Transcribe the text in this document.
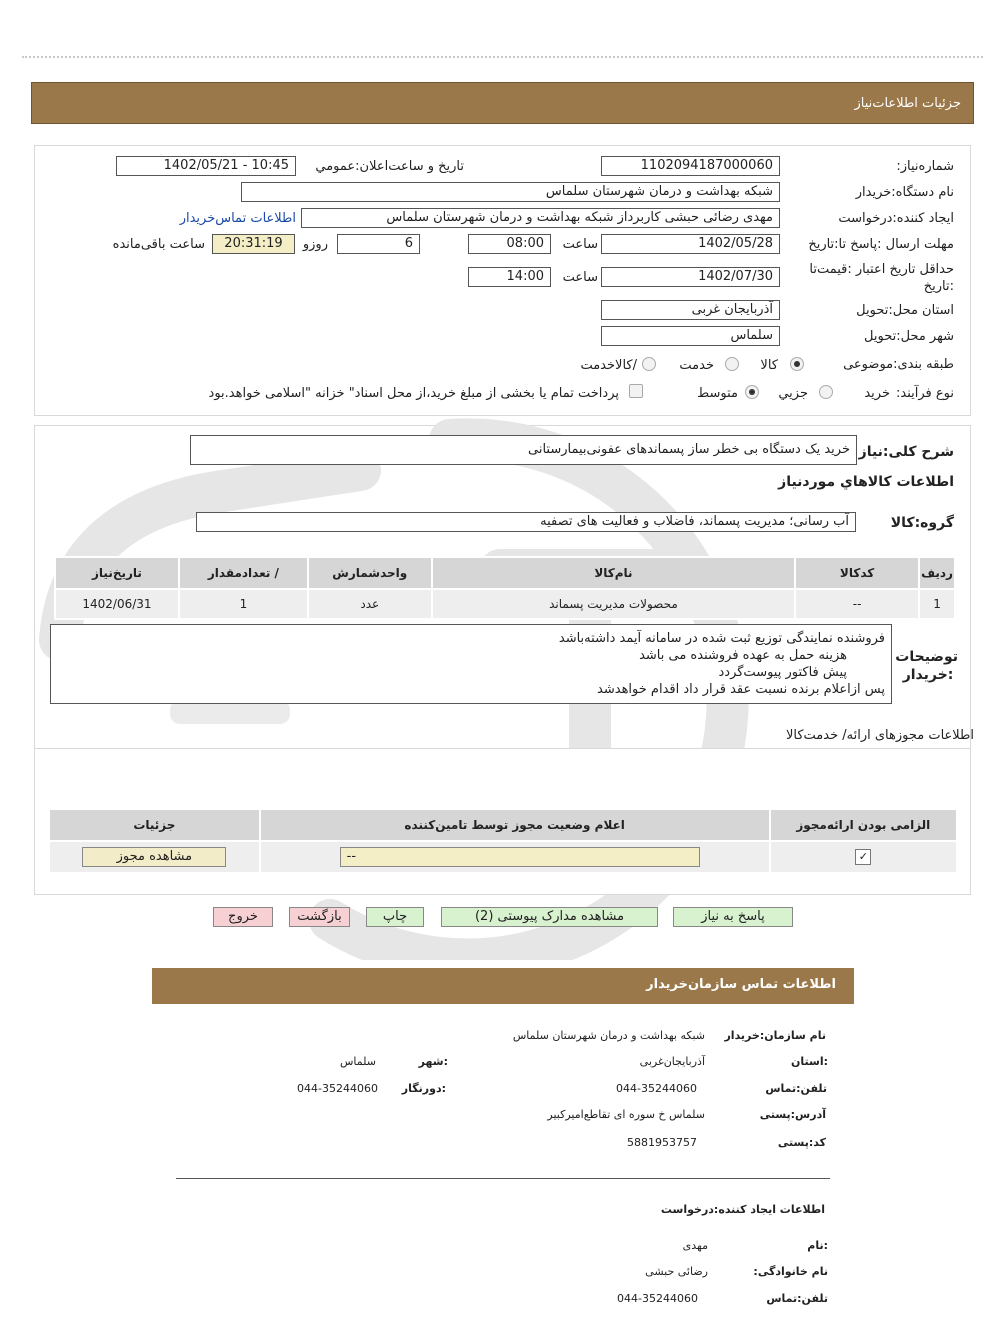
جزئیات اطلاعات‌نیاز
شماره‌نیاز:
1102094187000060
تاریخ و ساعت‌اعلان‌:عمومي
1402/05/21 - 10:45
نام دستگاه‌:خریدار
شبکه بهداشت و درمان شهرستان سلماس
ایجاد کننده‌:درخواست
مهدی رضائی حبشی کاربرداز شبکه بهداشت و درمان شهرستان سلماس
اطلاعات تماس‌خریدار
مهلت ارسال :پاسخ تا‌:تاریخ
1402/05/28
ساعت
08:00
6
روزو
20:31:19
ساعت باقی‌مانده
حداقل تاریخ اعتبار :قیمت‌تا
:تاریخ
1402/07/30
ساعت
14:00
استان محل‌:تحویل
آذربایجان غربی
شهر محل‌:تحویل
سلماس
طبقه بندی‌:موضوعی
کالا
خدمت
/کالاخدمت
نوع فرآیند:
خرید
جزیي
متوسط
پرداخت تمام یا بخشی از مبلغ خرید،از محل اسناد" خزانه "اسلامی خواهد.بود
شرح کلی‌:نیاز
خرید یک دستگاه بی خطر ساز پسماندهای عفونی‌بیمارستانی
اطلاعات کالاهاي مورد‌نیاز
گروه‌:کالا
آب رسانی؛ مدیریت پسماند، فاضلاب و فعالیت های تصفیه
ردیف	کدکالا	نام‌کالا	واحد‌شمارش	/ تعداد‌مقدار	تاریخ‌نیاز
1	--	محصولات مدیریت پسماند	عدد	1	1402/06/31
توضیحات :خریدار
فروشنده نمایندگی توزیع ثبت شده در سامانه آیمد داشته‌باشد
هزینه حمل به عهده فروشنده می باشد
پیش فاکتور پیوست‌گردد
پس ازاعلام برنده نسبت عقد قرار داد اقدام خواهدشد
اطلاعات مجوزهای ارائه/ خدمت‌کالا
الزامی بودن ارائه‌مجوز	اعلام وضعیت مجوز توسط تامین‌کننده	جزئیات
✓	--	مشاهده مجوز
پاسخ به نیاز
مشاهده مدارک پیوستی (2)
چاپ
بازگشت
خروج
اطلاعات تماس سازمان‌خریدار
نام سازمان‌:خریدار
شبکه بهداشت و درمان شهرستان سلماس
:استان
آذربایجان‌غربی
:شهر
سلماس
تلفن‌:تماس
044-35244060
:دورنگار
044-35244060
آدرس‌:پستی
سلماس خ سوره ای تقاطع‌امیرکبیر
کد‌:پستی
5881953757
اطلاعات ایجاد کننده‌:درخواست
:نام
مهدی
نام خانوادگی‌:
رضائی حبشی
تلفن‌:تماس
044-35244060
